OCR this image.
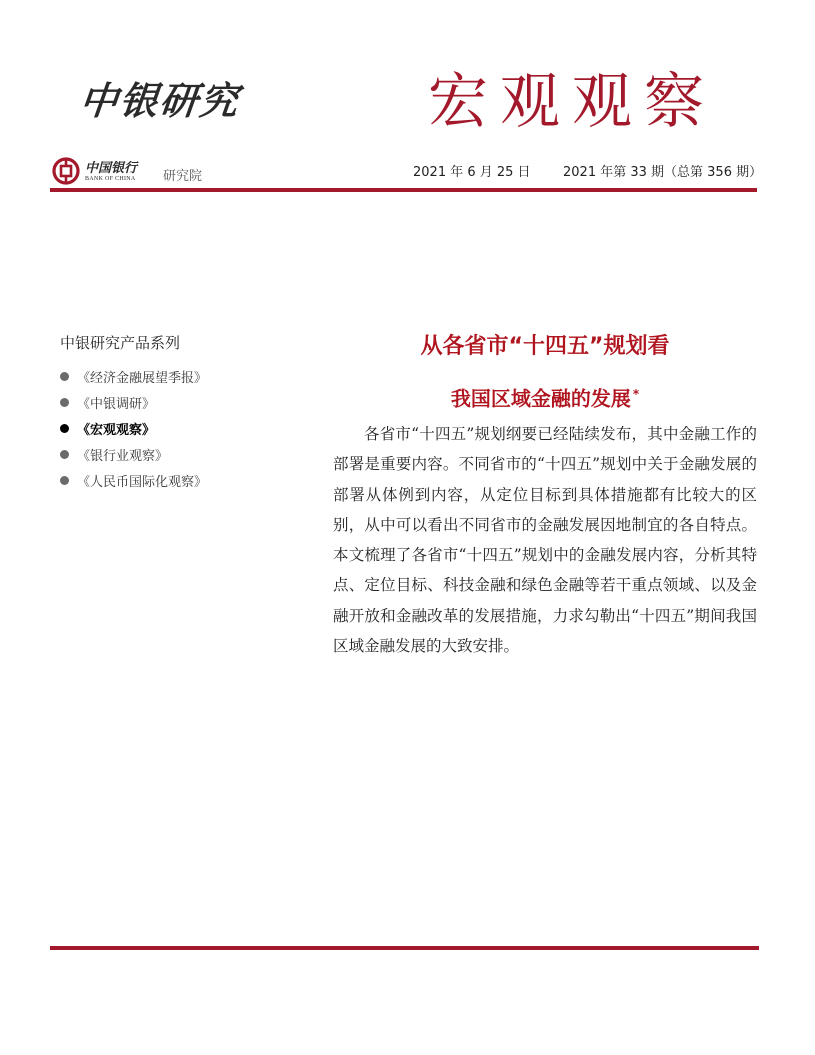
中银研究	宏观观察
中国银行
BANK OF CHINA 研究院	2021 年 6 月 25 日 2021 年第 33 期（总第 356 期）
中银研究产品系列
《经济金融展望季报》
《中银调研》
《宏观观察》
《银行业观察》
《人民币国际化观察》
从各省市“十四五”规划看
我国区域金融的发展 *

各省市“十四五”规划纲要已经陆续发布，其中金融工作的部署是重要内容。不同省市的“十四五”规划中关于金融发展的部署从体例到内容，从定位目标到具体措施都有比较大的区别，从中可以看出不同省市的金融发展因地制宜的各自特点。本文梳理了各省市“十四五”规划中的金融发展内容，分析其特点、定位目标、科技金融和绿色金融等若干重点领域、以及金融开放和金融改革的发展措施，力求勾勒出“十四五”期间我国区域金融发展的大致安排。
